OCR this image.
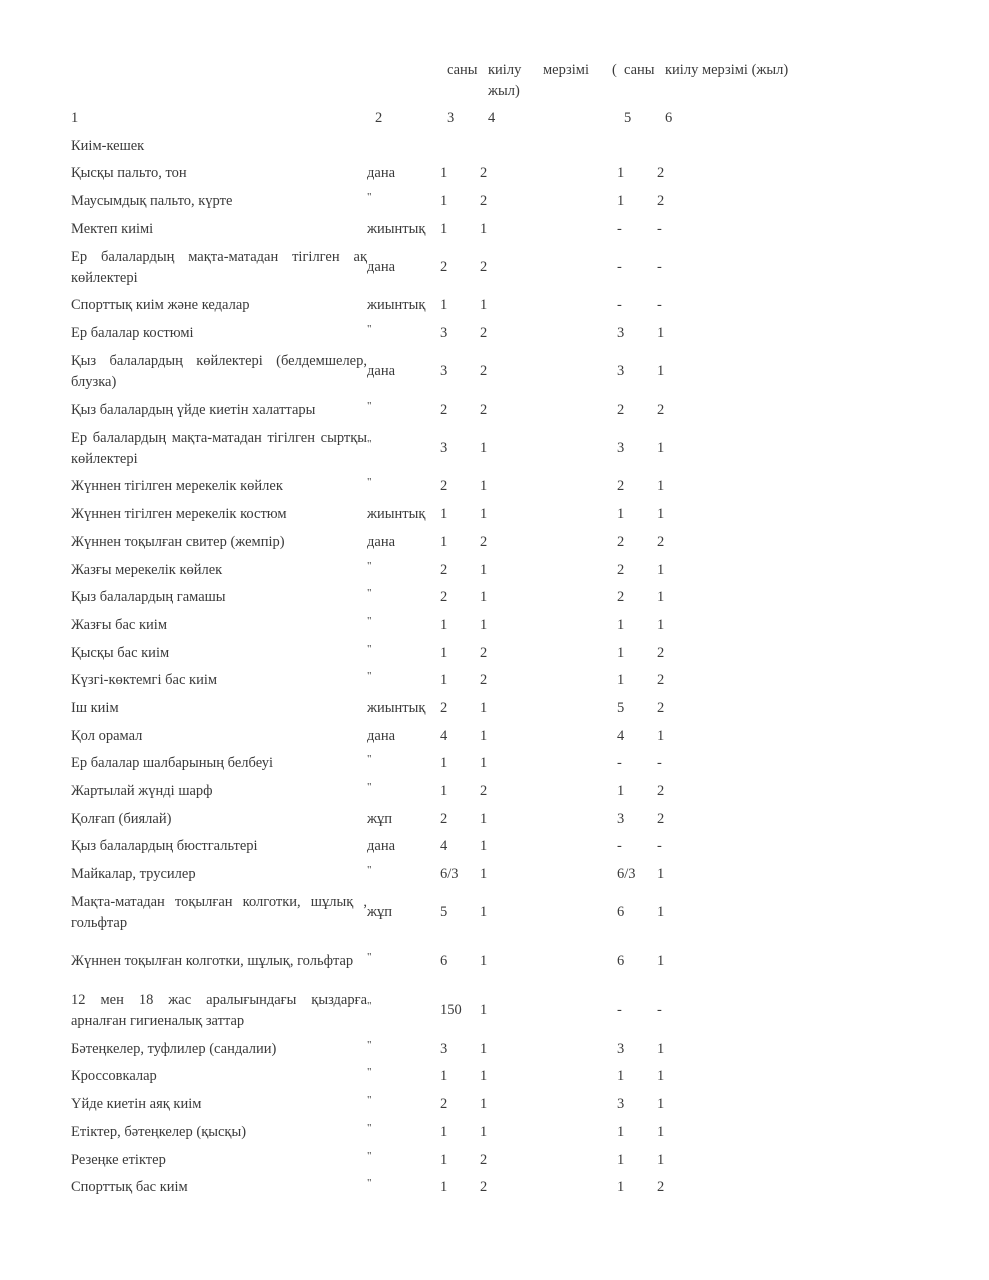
саны киілу
жыл)
мерзімі ( саны киілу мерзімі (жыл)
1	2	3 4	5 6
Киім-кешек
Қысқы пальто, тон	дана	1	2	1	2
Маусымдық пальто, күрте	"	1	2	1	2
Мектеп киімі	жиынтық	1	1	-	-
Ер балалардың мақта-матадан тігілген ақ көйлектері	дана	2	2	-	-
Спорттық киім және кедалар	жиынтық	1	1	-	-
Ер балалар костюмі	"	3	2	3	1
Қыз балалардың көйлектері (белдемшелер, блузка)	дана	3	2	3	1
Қыз балалардың үйде киетін халаттары	"	2	2	2	2
Ер балалардың мақта-матадан тігілген сыртқы көйлектері	"	3	1	3	1
Жүннен тігілген мерекелік көйлек	"	2	1	2	1
Жүннен тігілген мерекелік костюм	жиынтық	1	1	1	1
Жүннен тоқылған свитер (жемпір)	дана	1	2	2	2
Жазғы мерекелік көйлек	"	2	1	2	1
Қыз балалардың гамашы	"	2	1	2	1
Жазғы бас киім	"	1	1	1	1
Қысқы бас киім	"	1	2	1	2
Күзгі-көктемгі бас киім	"	1	2	1	2
Іш киім	жиынтық	2	1	5	2
Қол орамал	дана	4	1	4	1
Ер балалар шалбарының белбеуі	"	1	1	-	-
Жартылай жүнді шарф	"	1	2	1	2
Қолғап (биялай)	жұп	2	1	3	2
Қыз балалардың бюстгальтері	дана	4	1	-	-
Майкалар, трусилер	"	6/3	1	6/3	1
Мақта-матадан тоқылған колготки, шұлық , гольфтар	жұп	5	1	6	1
Жүннен тоқылған колготки, шұлық, гольфтар	"	6	1	6	1
12 мен 18 жас аралығындағы қыздарға арналған гигиеналық заттар	"	150	1	-	-
Бәтеңкелер, туфлилер (сандалии)	"	3	1	3	1
Кроссовкалар	"	1	1	1	1
Үйде киетін аяқ киім	"	2	1	3	1
Етіктер, бәтеңкелер (қысқы)	"	1	1	1	1
Резеңке етіктер	"	1	2	1	1
Спорттық бас киім	"	1	2	1	2
